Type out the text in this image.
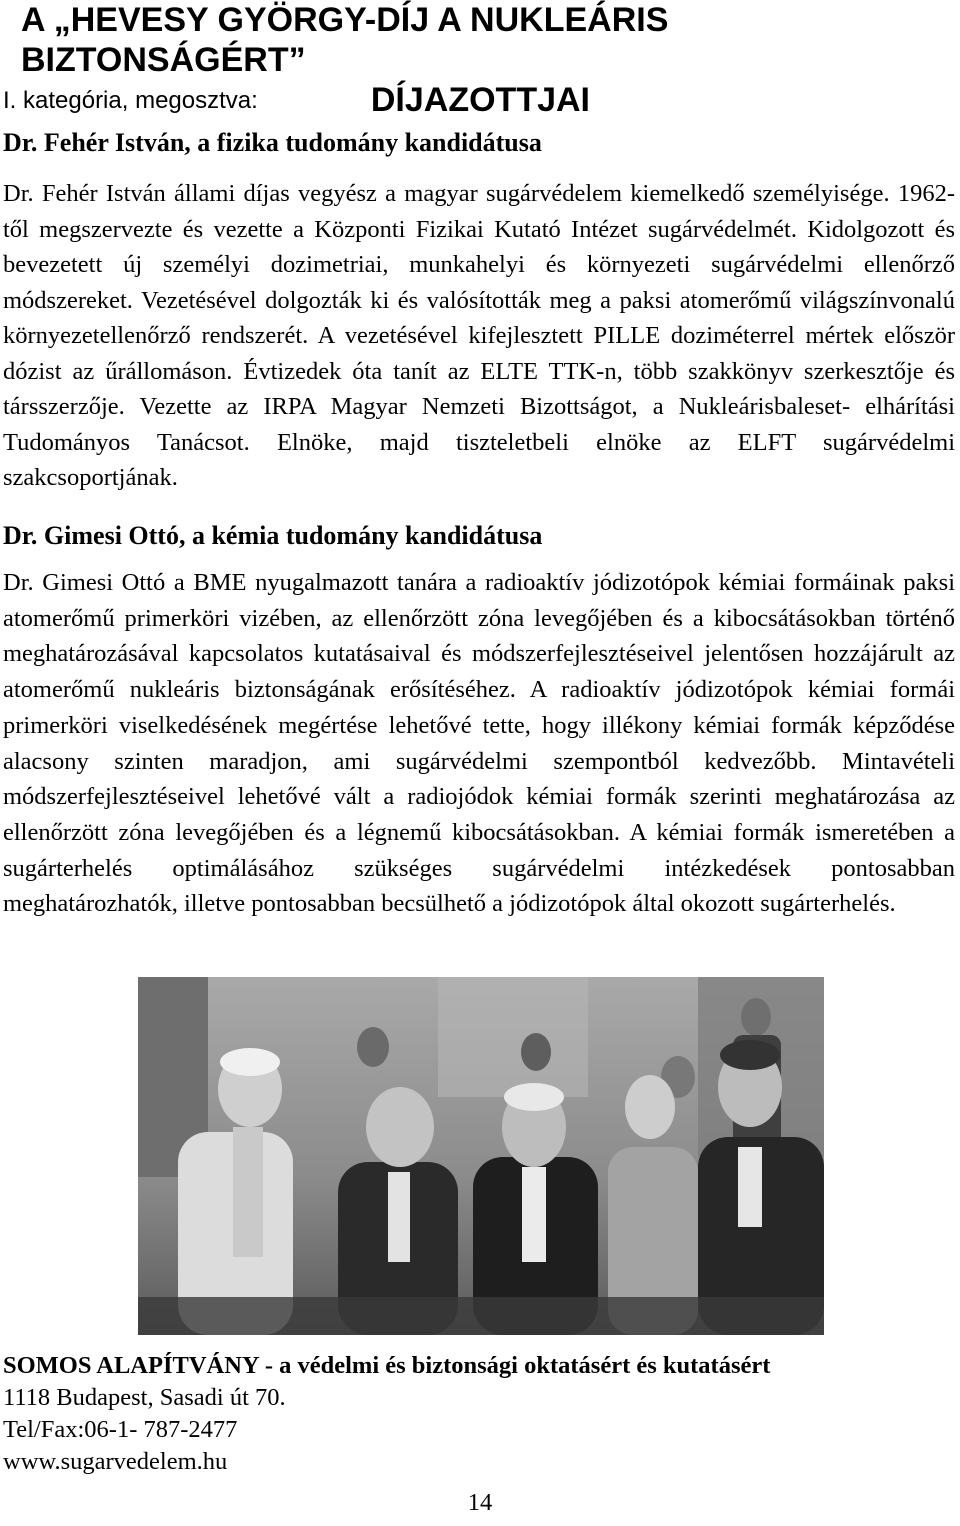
A „HEVESY GYÖRGY-DÍJ A NUKLEÁRIS BIZTONSÁGÉRT”
DÍJAZOTTJAI

I. kategória, megosztva:

Dr. Fehér István, a fizika tudomány kandidátusa

Dr. Fehér István állami díjas vegyész a magyar sugárvédelem kiemelkedő személyisége. 1962-től megszervezte és vezette a Központi Fizikai Kutató Intézet sugárvédelmét. Kidolgozott és bevezetett új személyi dozimetriai, munkahelyi és környezeti sugárvédelmi ellenőrző módszereket. Vezetésével dolgozták ki és valósították meg a paksi atomerőmű világszínvonalú környezetellenőrző rendszerét. A vezetésével kifejlesztett PILLE doziméterrel mértek először dózist az űrállomáson. Évtizedek óta tanít az ELTE TTK-n, több szakkönyv szerkesztője és társszerzője. Vezette az IRPA Magyar Nemzeti Bizottságot, a Nukleárisbaleset- elhárítási Tudományos Tanácsot. Elnöke, majd tiszteletbeli elnöke az ELFT sugárvédelmi szakcsoportjának.

Dr. Gimesi Ottó, a kémia tudomány kandidátusa

Dr. Gimesi Ottó a BME nyugalmazott tanára a radioaktív jódizotópok kémiai formáinak paksi atomerőmű primerköri vizében, az ellenőrzött zóna levegőjében és a kibocsátásokban történő meghatározásával kapcsolatos kutatásaival és módszerfejlesztéseivel jelentősen hozzájárult az atomerőmű nukleáris biztonságának erősítéséhez. A radioaktív jódizotópok kémiai formái primerköri viselkedésének megértése lehetővé tette, hogy illékony kémiai formák képződése alacsony szinten maradjon, ami sugárvédelmi szempontból kedvezőbb. Mintavételi módszerfejlesztéseivel lehetővé vált a radiojódok kémiai formák szerinti meghatározása az ellenőrzött zóna levegőjében és a légnemű kibocsátásokban. A kémiai formák ismeretében a sugárterhelés optimálásához szükséges sugárvédelmi intézkedések pontosabban meghatározhatók, illetve pontosabban becsülhető a jódizotópok által okozott sugárterhelés.

SOMOS ALAPÍTVÁNY - a védelmi és biztonsági oktatásért és kutatásért
1118 Budapest, Sasadi út 70.
Tel/Fax:06-1- 787-2477
www.sugarvedelem.hu
14
